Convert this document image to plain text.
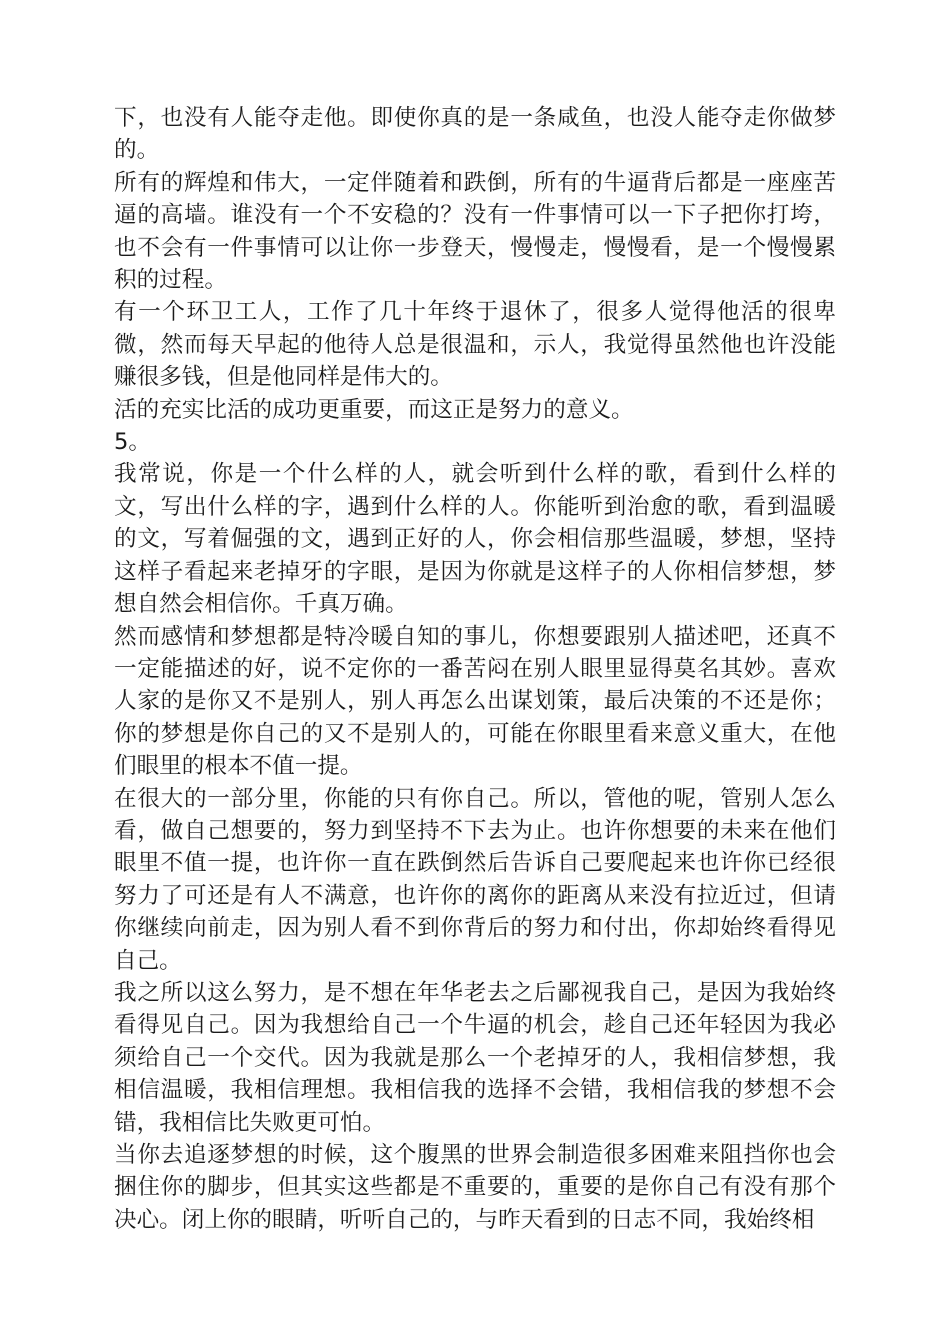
下，也没有人能夺走他。即使你真的是一条咸鱼，也没人能夺走你做梦的。

所有的辉煌和伟大，一定伴随着和跌倒，所有的牛逼背后都是一座座苦逼的高墙。谁没有一个不安稳的？没有一件事情可以一下子把你打垮，也不会有一件事情可以让你一步登天，慢慢走，慢慢看，是一个慢慢累积的过程。

有一个环卫工人，工作了几十年终于退休了，很多人觉得他活的很卑微，然而每天早起的他待人总是很温和，示人，我觉得虽然他也许没能赚很多钱，但是他同样是伟大的。

活的充实比活的成功更重要，而这正是努力的意义。

5。

我常说，你是一个什么样的人，就会听到什么样的歌，看到什么样的文，写出什么样的字，遇到什么样的人。你能听到治愈的歌，看到温暖的文，写着倔强的文，遇到正好的人，你会相信那些温暖，梦想，坚持这样子看起来老掉牙的字眼，是因为你就是这样子的人你相信梦想，梦想自然会相信你。千真万确。

然而感情和梦想都是特冷暖自知的事儿，你想要跟别人描述吧，还真不一定能描述的好，说不定你的一番苦闷在别人眼里显得莫名其妙。喜欢人家的是你又不是别人，别人再怎么出谋划策，最后决策的不还是你；你的梦想是你自己的又不是别人的，可能在你眼里看来意义重大，在他们眼里的根本不值一提。

在很大的一部分里，你能的只有你自己。所以，管他的呢，管别人怎么看，做自己想要的，努力到坚持不下去为止。也许你想要的未来在他们眼里不值一提，也许你一直在跌倒然后告诉自己要爬起来也许你已经很努力了可还是有人不满意，也许你的离你的距离从来没有拉近过，但请你继续向前走，因为别人看不到你背后的努力和付出，你却始终看得见自己。

我之所以这么努力，是不想在年华老去之后鄙视我自己，是因为我始终看得见自己。因为我想给自己一个牛逼的机会，趁自己还年轻因为我必须给自己一个交代。因为我就是那么一个老掉牙的人，我相信梦想，我相信温暖，我相信理想。我相信我的选择不会错，我相信我的梦想不会错，我相信比失败更可怕。

当你去追逐梦想的时候，这个腹黑的世界会制造很多困难来阻挡你也会捆住你的脚步，但其实这些都是不重要的，重要的是你自己有没有那个决心。闭上你的眼睛，听听自己的，与昨天看到的日志不同，我始终相
